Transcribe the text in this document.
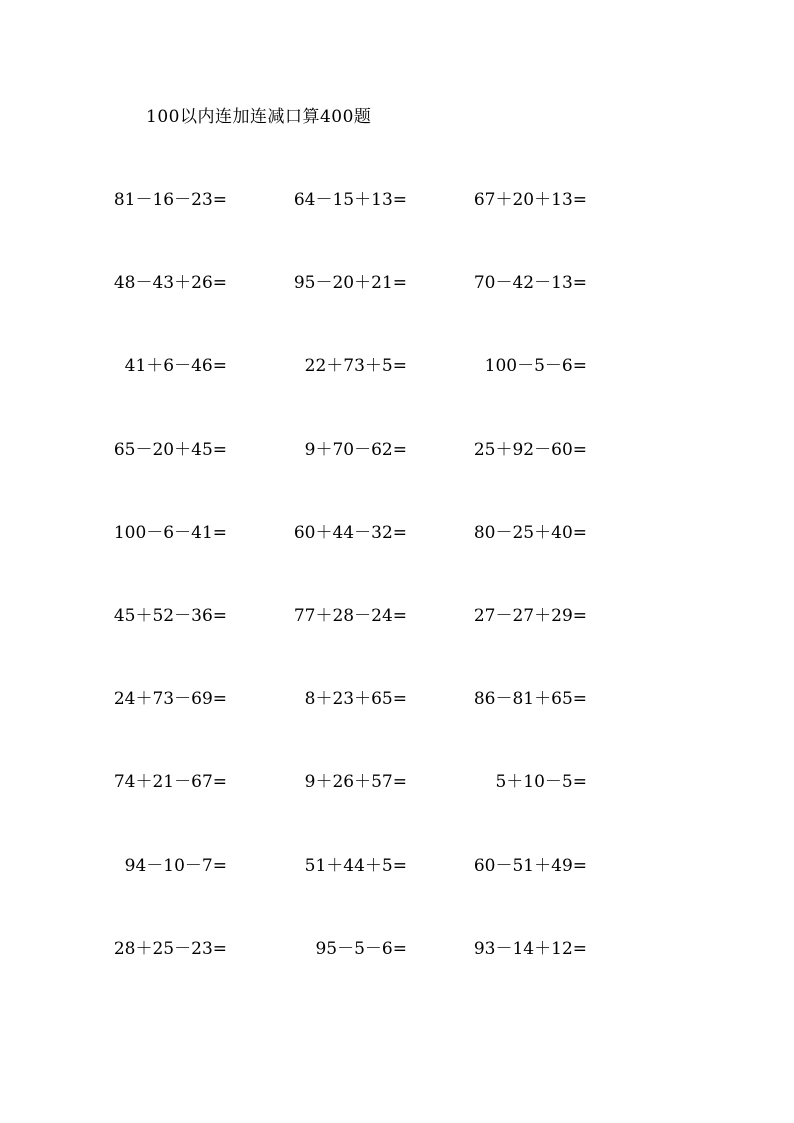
100以内连加连减口算400题
81－16－23=
48－43＋26=
41＋6－46=
65－20＋45=
100－6－41=
45＋52－36=
24＋73－69=
74＋21－67=
94－10－7=
28＋25－23=
64－15＋13=
95－20＋21=
22＋73＋5=
9＋70－62=
60＋44－32=
77＋28－24=
8＋23＋65=
9＋26＋57=
51＋44＋5=
95－5－6=
67＋20＋13=
70－42－13=
100－5－6=
25＋92－60=
80－25＋40=
27－27＋29=
86－81＋65=
5＋10－5=
60－51＋49=
93－14＋12=
